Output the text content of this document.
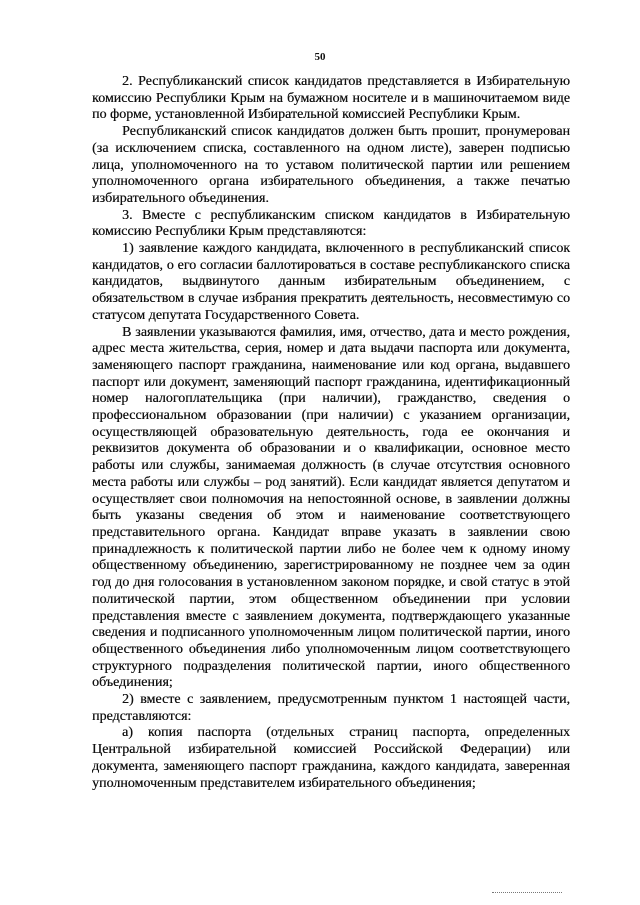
50

2. Республиканский список кандидатов представляется в Избирательную комиссию Республики Крым на бумажном носителе и в машиночитаемом виде по форме, установленной Избирательной комиссией Республики Крым.

Республиканский список кандидатов должен быть прошит, пронумерован (за исключением списка, составленного на одном листе), заверен подписью лица, уполномоченного на то уставом политической партии или решением уполномоченного органа избирательного объединения, а также печатью избирательного объединения.

3. Вместе с республиканским списком кандидатов в Избирательную комиссию Республики Крым представляются:

1) заявление каждого кандидата, включенного в республиканский список кандидатов, о его согласии баллотироваться в составе республиканского списка кандидатов, выдвинутого данным избирательным объединением, с обязательством в случае избрания прекратить деятельность, несовместимую со статусом депутата Государственного Совета.

В заявлении указываются фамилия, имя, отчество, дата и место рождения, адрес места жительства, серия, номер и дата выдачи паспорта или документа, заменяющего паспорт гражданина, наименование или код органа, выдавшего паспорт или документ, заменяющий паспорт гражданина, идентификационный номер налогоплательщика (при наличии), гражданство, сведения о профессиональном образовании (при наличии) с указанием организации, осуществляющей образовательную деятельность, года ее окончания и реквизитов документа об образовании и о квалификации, основное место работы или службы, занимаемая должность (в случае отсутствия основного места работы или службы – род занятий). Если кандидат является депутатом и осуществляет свои полномочия на непостоянной основе, в заявлении должны быть указаны сведения об этом и наименование соответствующего представительного органа. Кандидат вправе указать в заявлении свою принадлежность к политической партии либо не более чем к одному иному общественному объединению, зарегистрированному не позднее чем за один год до дня голосования в установленном законом порядке, и свой статус в этой политической партии, этом общественном объединении при условии представления вместе с заявлением документа, подтверждающего указанные сведения и подписанного уполномоченным лицом политической партии, иного общественного объединения либо уполномоченным лицом соответствующего структурного подразделения политической партии, иного общественного объединения;

2) вместе с заявлением, предусмотренным пунктом 1 настоящей части, представляются:

а) копия паспорта (отдельных страниц паспорта, определенных Центральной избирательной комиссией Российской Федерации) или документа, заменяющего паспорт гражданина, каждого кандидата, заверенная уполномоченным представителем избирательного объединения;
